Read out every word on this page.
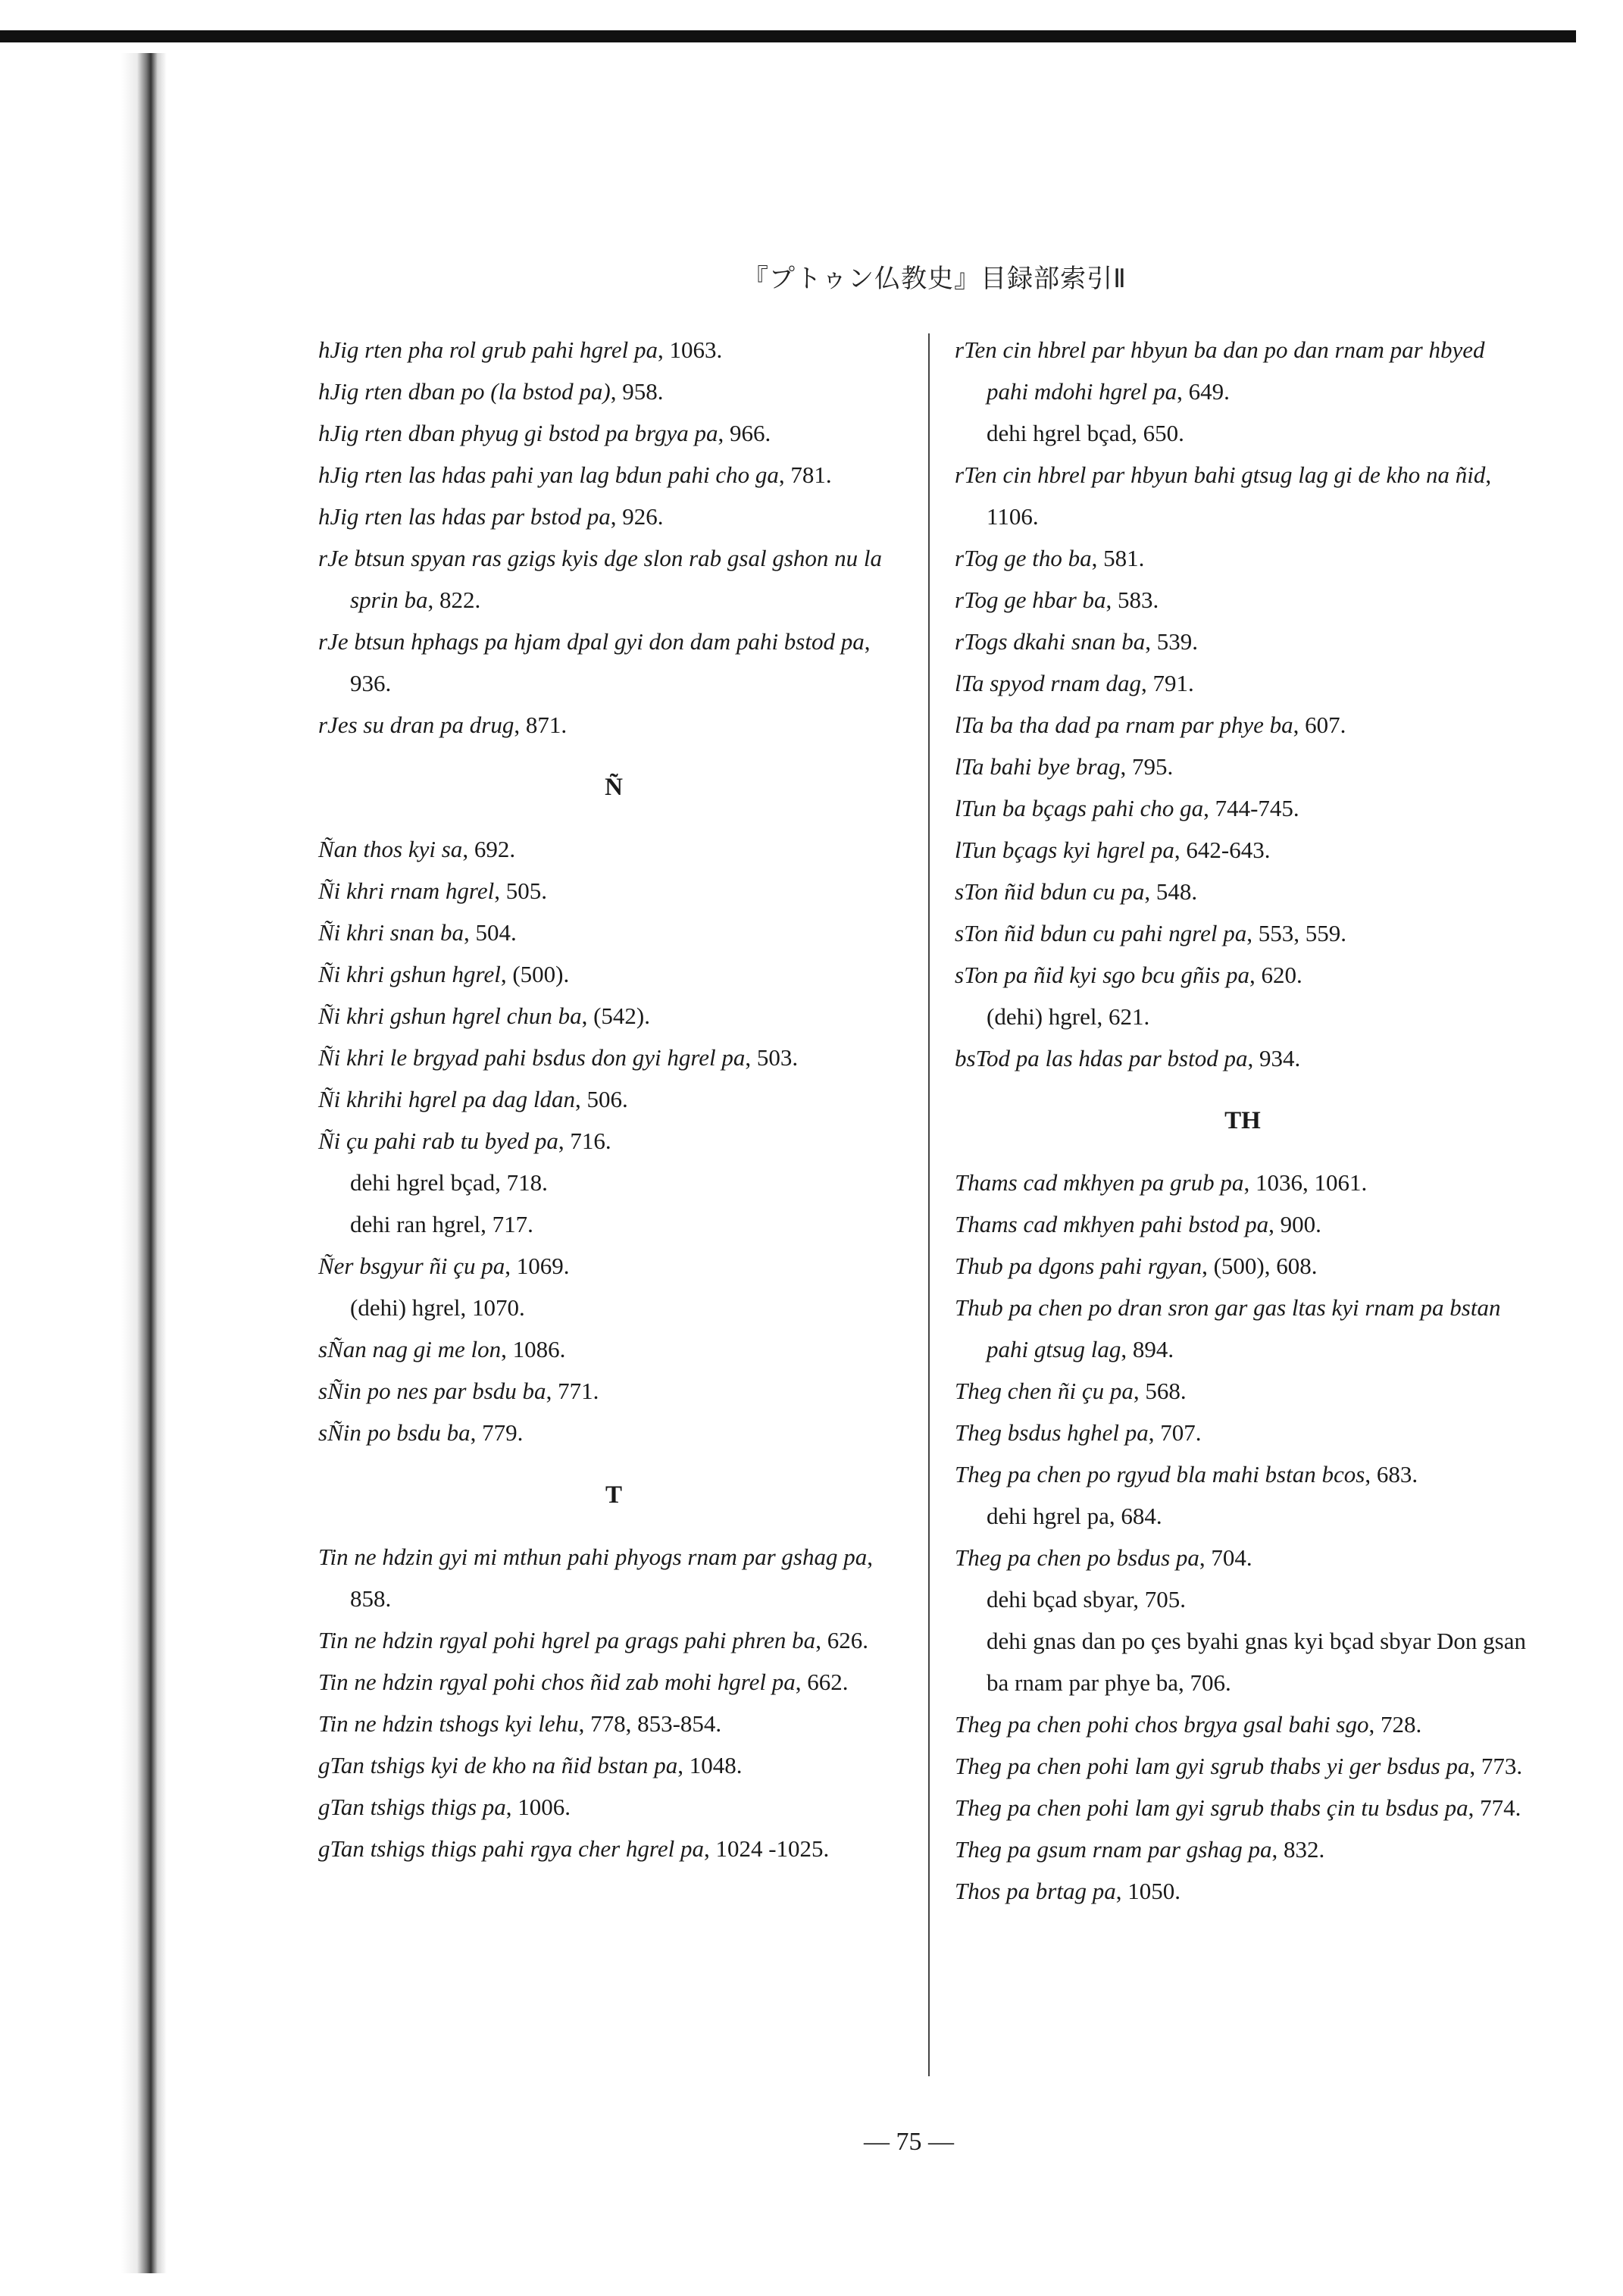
『プトゥン仏教史』目録部索引Ⅱ

hJig rten pha rol grub pahi hgrel pa, 1063.

hJig rten dban po (la bstod pa), 958.

hJig rten dban phyug gi bstod pa brgya pa, 966.

hJig rten las hdas pahi yan lag bdun pahi cho ga, 781.

hJig rten las hdas par bstod pa, 926.

rJe btsun spyan ras gzigs kyis dge slon rab gsal gshon nu la sprin ba, 822.

rJe btsun hphags pa hjam dpal gyi don dam pahi bstod pa, 936.

rJes su dran pa drug, 871.

Ñ

Ñan thos kyi sa, 692.

Ñi khri rnam hgrel, 505.

Ñi khri snan ba, 504.

Ñi khri gshun hgrel, (500).

Ñi khri gshun hgrel chun ba, (542).

Ñi khri le brgyad pahi bsdus don gyi hgrel pa, 503.

Ñi khrihi hgrel pa dag ldan, 506.

Ñi çu pahi rab tu byed pa, 716.

dehi hgrel bçad, 718.

dehi ran hgrel, 717.

Ñer bsgyur ñi çu pa, 1069.

(dehi) hgrel, 1070.

sÑan nag gi me lon, 1086.

sÑin po nes par bsdu ba, 771.

sÑin po bsdu ba, 779.

T

Tin ne hdzin gyi mi mthun pahi phyogs rnam par gshag pa, 858.

Tin ne hdzin rgyal pohi hgrel pa grags pahi phren ba, 626.

Tin ne hdzin rgyal pohi chos ñid zab mohi hgrel pa, 662.

Tin ne hdzin tshogs kyi lehu, 778, 853-854.

gTan tshigs kyi de kho na ñid bstan pa, 1048.

gTan tshigs thigs pa, 1006.

gTan tshigs thigs pahi rgya cher hgrel pa, 1024 -1025.

rTen cin hbrel par hbyun ba dan po dan rnam par hbyed pahi mdohi hgrel pa, 649.

dehi hgrel bçad, 650.

rTen cin hbrel par hbyun bahi gtsug lag gi de kho na ñid, 1106.

rTog ge tho ba, 581.

rTog ge hbar ba, 583.

rTogs dkahi snan ba, 539.

lTa spyod rnam dag, 791.

lTa ba tha dad pa rnam par phye ba, 607.

lTa bahi bye brag, 795.

lTun ba bçags pahi cho ga, 744-745.

lTun bçags kyi hgrel pa, 642-643.

sTon ñid bdun cu pa, 548.

sTon ñid bdun cu pahi ngrel pa, 553, 559.

sTon pa ñid kyi sgo bcu gñis pa, 620.

(dehi) hgrel, 621.

bsTod pa las hdas par bstod pa, 934.

TH

Thams cad mkhyen pa grub pa, 1036, 1061.

Thams cad mkhyen pahi bstod pa, 900.

Thub pa dgons pahi rgyan, (500), 608.

Thub pa chen po dran sron gar gas ltas kyi rnam pa bstan pahi gtsug lag, 894.

Theg chen ñi çu pa, 568.

Theg bsdus hghel pa, 707.

Theg pa chen po rgyud bla mahi bstan bcos, 683.

dehi hgrel pa, 684.

Theg pa chen po bsdus pa, 704.

dehi bçad sbyar, 705.

dehi gnas dan po çes byahi gnas kyi bçad sbyar Don gsan ba rnam par phye ba, 706.

Theg pa chen pohi chos brgya gsal bahi sgo, 728.

Theg pa chen pohi lam gyi sgrub thabs yi ger bsdus pa, 773.

Theg pa chen pohi lam gyi sgrub thabs çin tu bsdus pa, 774.

Theg pa gsum rnam par gshag pa, 832.

Thos pa brtag pa, 1050.

— 75 —
